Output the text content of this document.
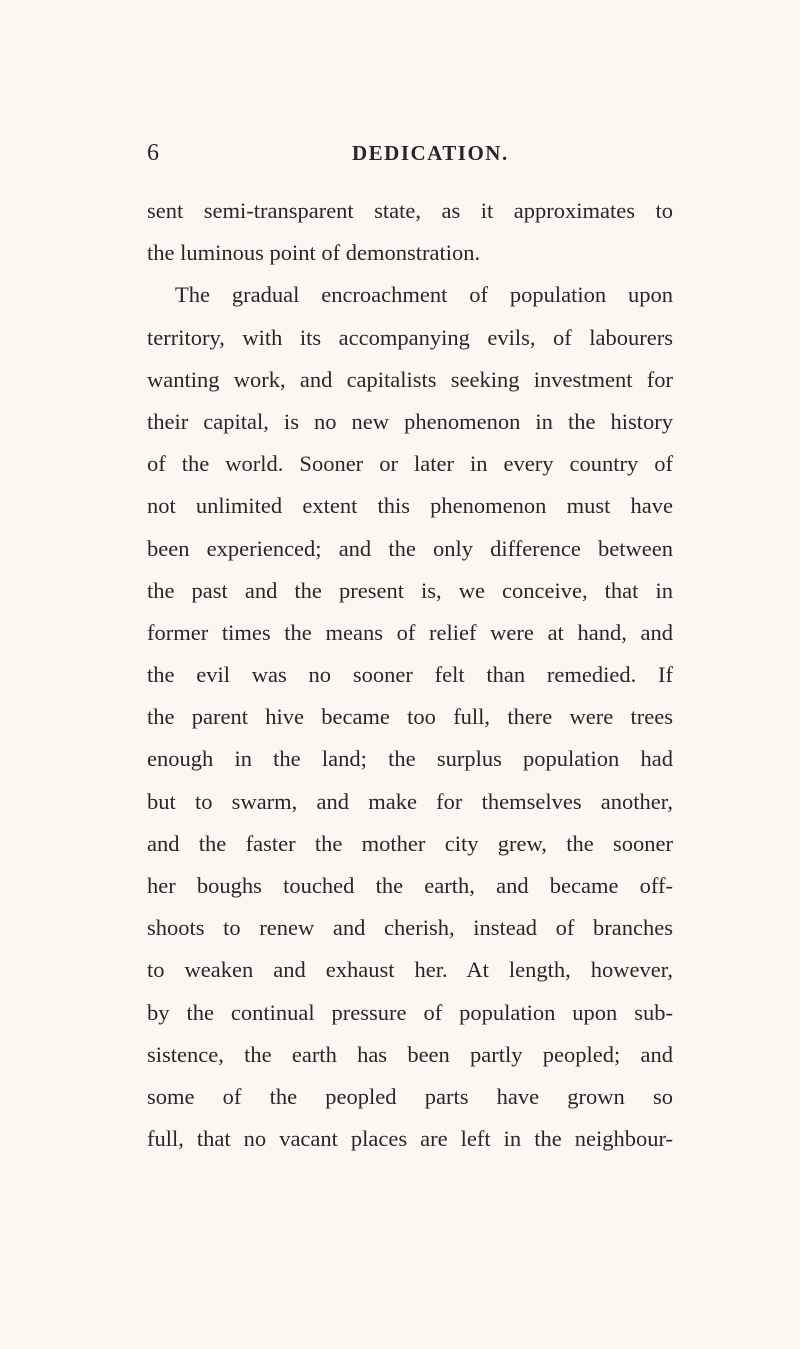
6	DEDICATION.
sent semi-transparent state, as it approximates to
the luminous point of demonstration.
The gradual encroachment of population upon
territory, with its accompanying evils, of labourers
wanting work, and capitalists seeking investment for
their capital, is no new phenomenon in the history
of the world. Sooner or later in every country of
not unlimited extent this phenomenon must have
been experienced; and the only difference between
the past and the present is, we conceive, that in
former times the means of relief were at hand, and
the evil was no sooner felt than remedied. If
the parent hive became too full, there were trees
enough in the land; the surplus population had
but to swarm, and make for themselves another,
and the faster the mother city grew, the sooner
her boughs touched the earth, and became off-
shoots to renew and cherish, instead of branches
to weaken and exhaust her. At length, however,
by the continual pressure of population upon sub-
sistence, the earth has been partly peopled; and
some of the peopled parts have grown so
full, that no vacant places are left in the neighbour-
